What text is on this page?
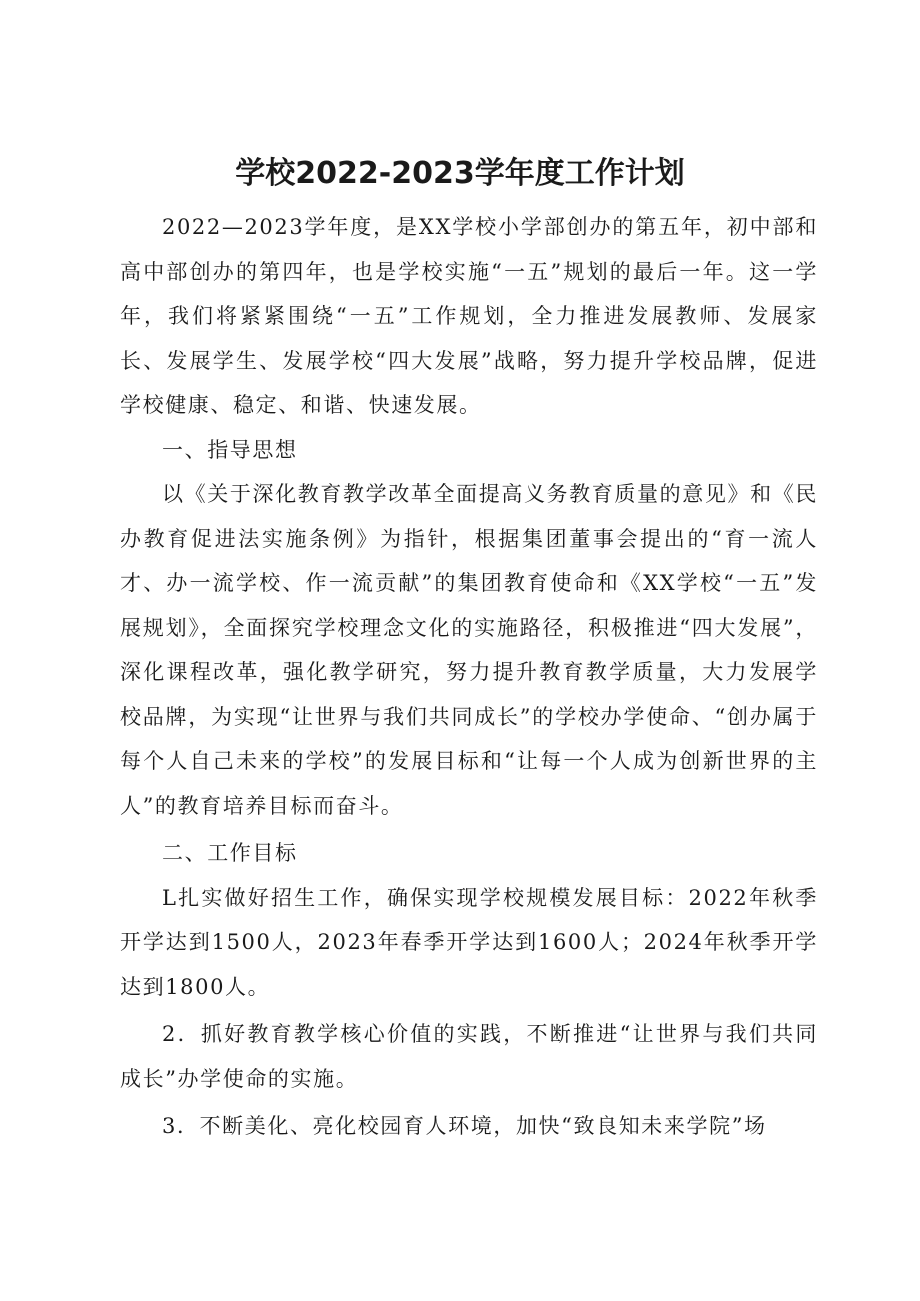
学校2022-2023学年度工作计划

2022—2023学年度，是XX学校小学部创办的第五年，初中部和高中部创办的第四年，也是学校实施“一五”规划的最后一年。这一学年，我们将紧紧围绕“一五”工作规划，全力推进发展教师、发展家长、发展学生、发展学校“四大发展”战略，努力提升学校品牌，促进学校健康、稳定、和谐、快速发展。

一、指导思想

以《关于深化教育教学改革全面提高义务教育质量的意见》和《民办教育促进法实施条例》为指针，根据集团董事会提出的“育一流人才、办一流学校、作一流贡献”的集团教育使命和《XX学校“一五”发展规划》，全面探究学校理念文化的实施路径，积极推进“四大发展”，深化课程改革，强化教学研究，努力提升教育教学质量，大力发展学校品牌，为实现“让世界与我们共同成长”的学校办学使命、“创办属于每个人自己未来的学校”的发展目标和“让每一个人成为创新世界的主人”的教育培养目标而奋斗。

二、工作目标

L扎实做好招生工作，确保实现学校规模发展目标：2022年秋季开学达到1500人，2023年春季开学达到1600人；2024年秋季开学达到1800人。

2．抓好教育教学核心价值的实践，不断推进“让世界与我们共同成长”办学使命的实施。

3．不断美化、亮化校园育人环境，加快“致良知未来学院”场
